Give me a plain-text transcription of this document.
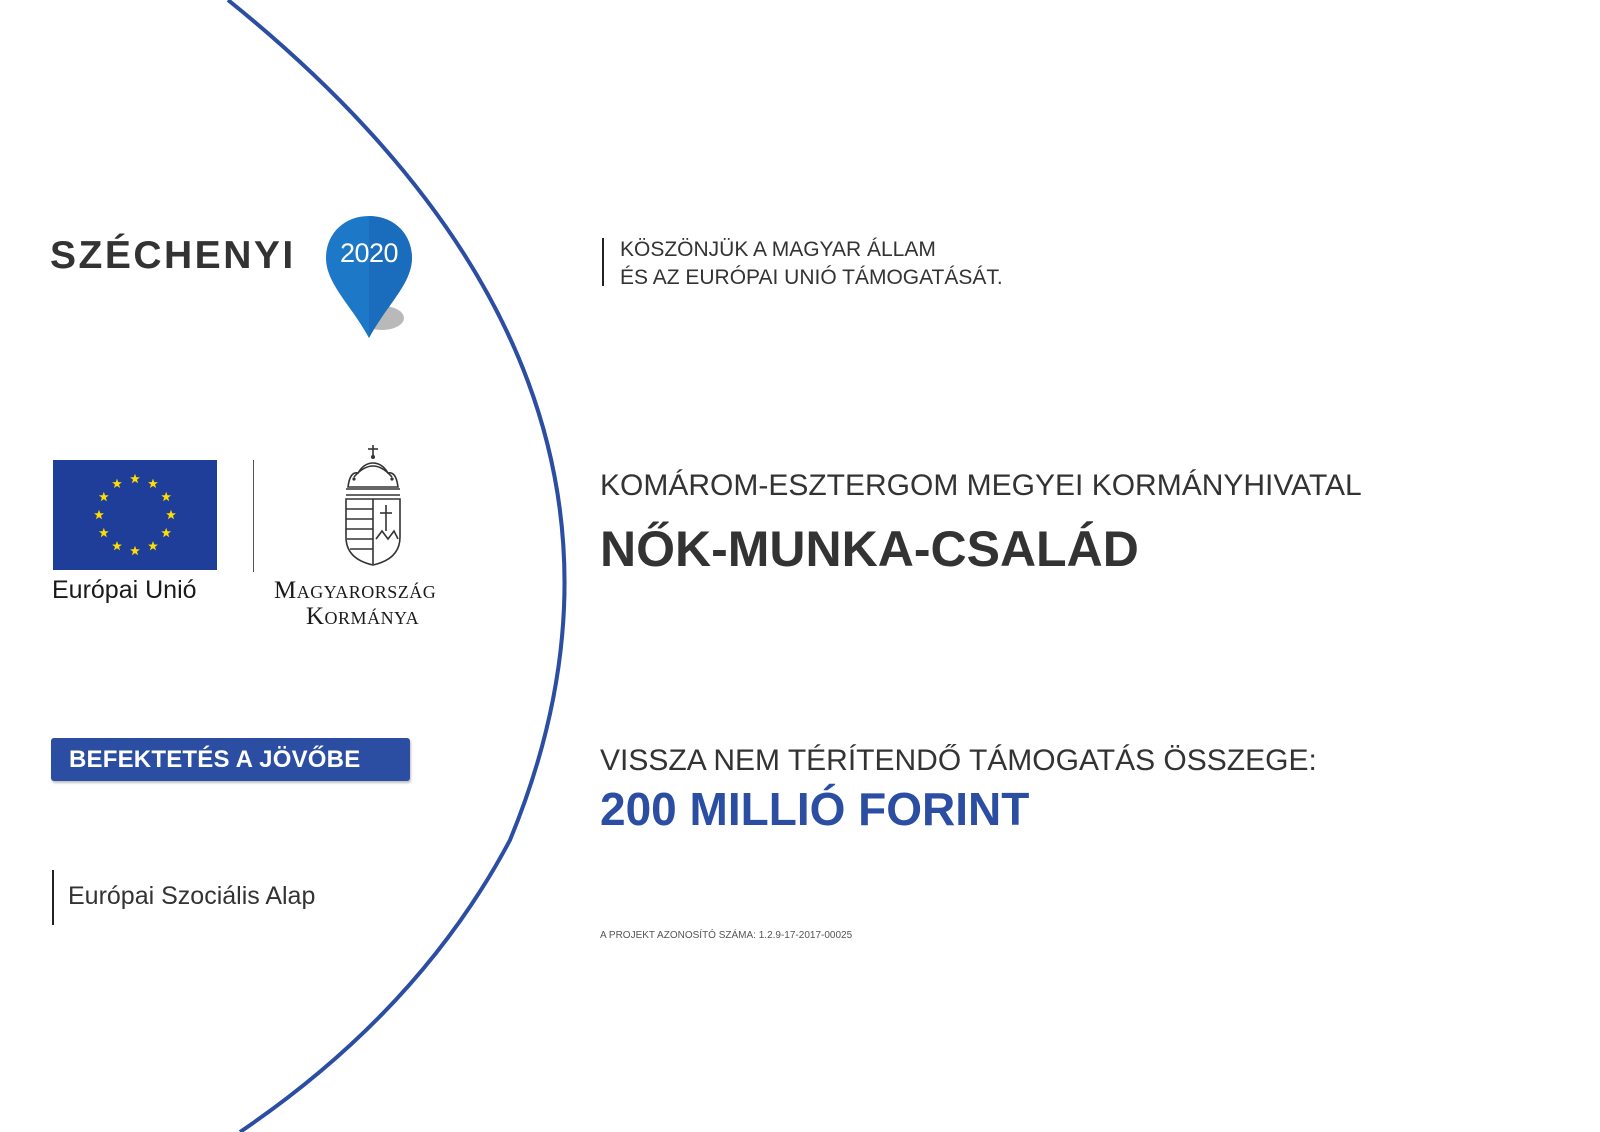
SZÉCHENYI	2020
Európai Unió	Magyarország
Kormánya
BEFEKTETÉS A JÖVŐBE
Európai Szociális Alap
KÖSZÖNJÜK A MAGYAR ÁLLAM
ÉS AZ EURÓPAI UNIÓ TÁMOGATÁSÁT.
KOMÁROM-ESZTERGOM MEGYEI KORMÁNYHIVATAL
NŐK-MUNKA-CSALÁD
VISSZA NEM TÉRÍTENDŐ TÁMOGATÁS ÖSSZEGE:
200 MILLIÓ FORINT
A PROJEKT AZONOSÍTÓ SZÁMA: 1.2.9-17-2017-00025
